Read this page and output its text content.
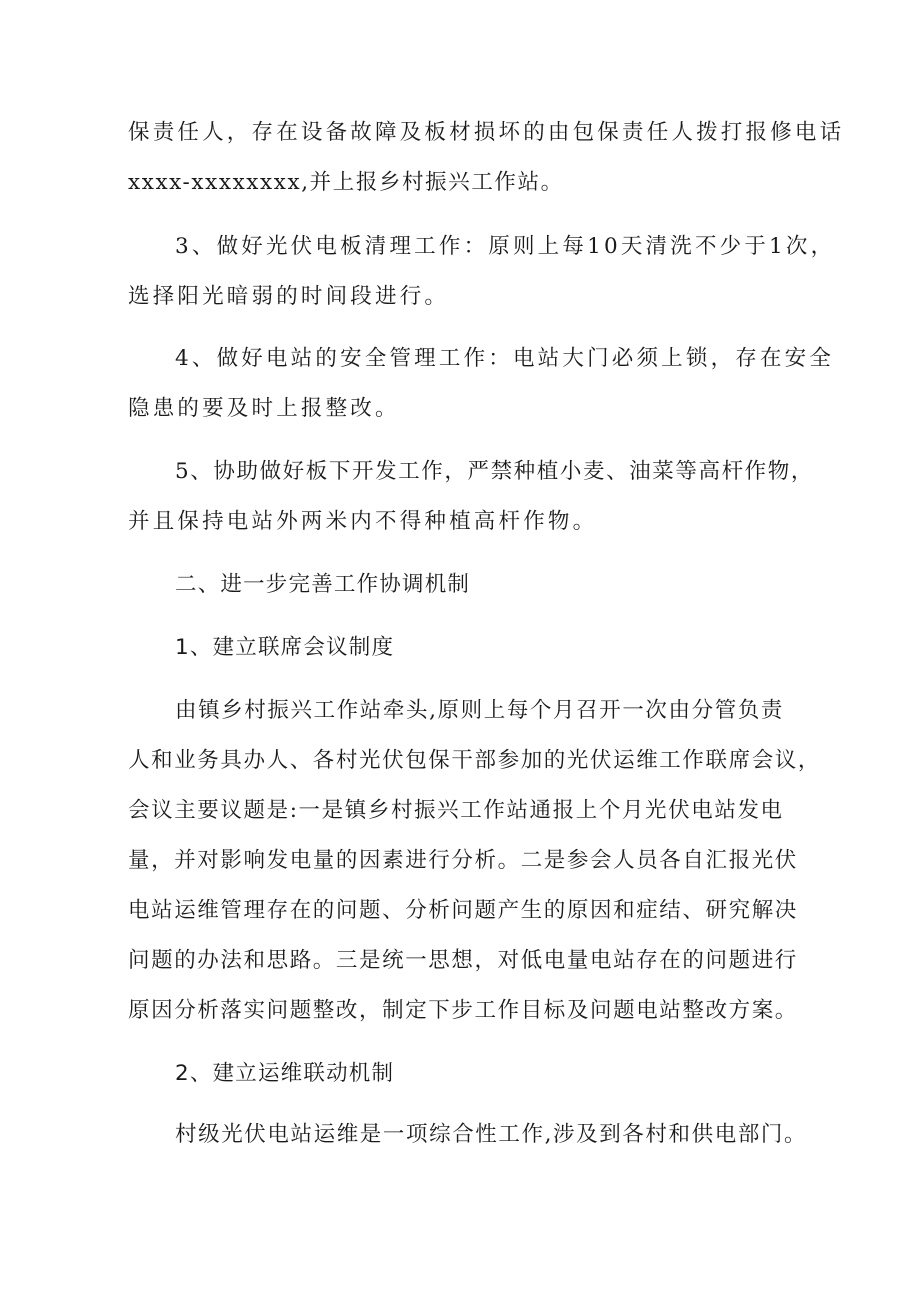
保责任人，存在设备故障及板材损坏的由包保责任人拨打报修电话
xxxx-xxxxxxxx,并上报乡村振兴工作站。
3、做好光伏电板清理工作：原则上每10天清洗不少于1次，
选择阳光暗弱的时间段进行。
4、做好电站的安全管理工作：电站大门必须上锁，存在安全
隐患的要及时上报整改。
5、协助做好板下开发工作，严禁种植小麦、油菜等高杆作物，
并且保持电站外两米内不得种植高杆作物。
二、进一步完善工作协调机制
1、建立联席会议制度
由镇乡村振兴工作站牵头,原则上每个月召开一次由分管负责
人和业务具办人、各村光伏包保干部参加的光伏运维工作联席会议，
会议主要议题是:一是镇乡村振兴工作站通报上个月光伏电站发电
量，并对影响发电量的因素进行分析。二是参会人员各自汇报光伏
电站运维管理存在的问题、分析问题产生的原因和症结、研究解决
问题的办法和思路。三是统一思想，对低电量电站存在的问题进行
原因分析落实问题整改，制定下步工作目标及问题电站整改方案。
2、建立运维联动机制
村级光伏电站运维是一项综合性工作,涉及到各村和供电部门。
